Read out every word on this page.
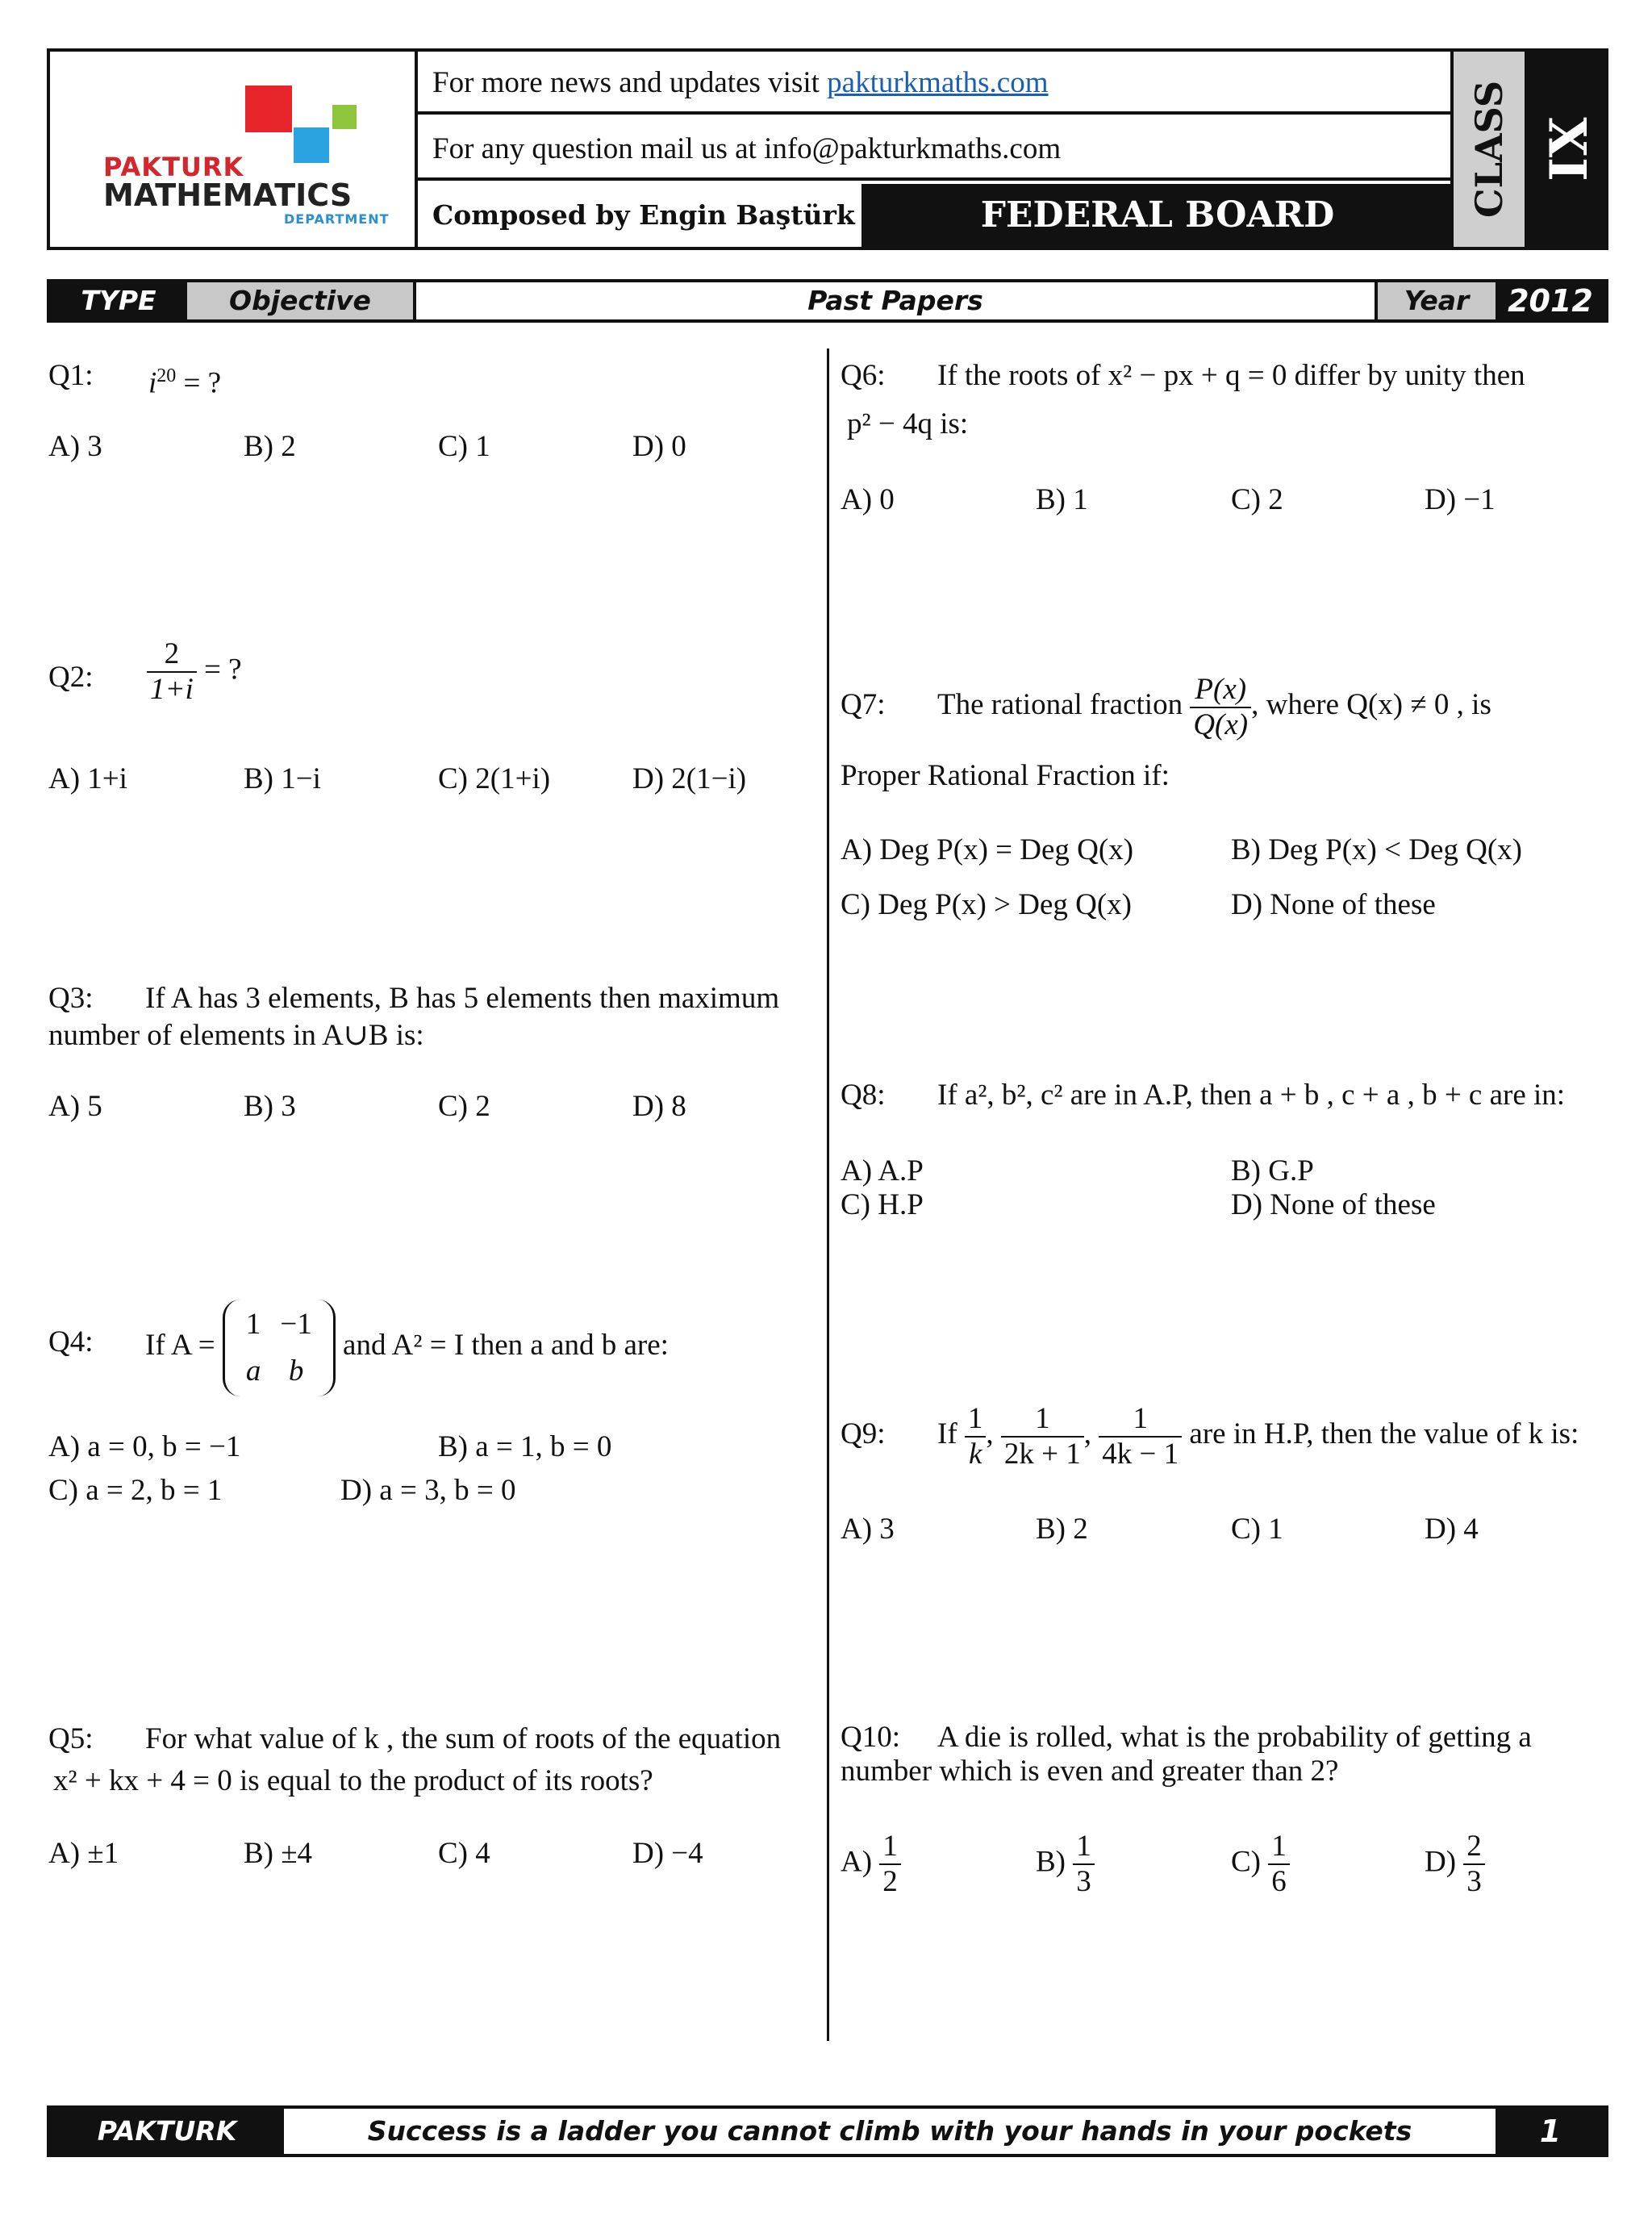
PAKTURK
MATHEMATICS
DEPARTMENT
For more news and updates visit pakturkmaths.com
For any question mail us at info@pakturkmaths.com
Composed by Engin Baştürk	FEDERAL BOARD	CLASS XI
TYPE	Objective	Past Papers	Year	2012
Q1: $i^{20}$ = ?
A) 3	B) 2	C) 1	D) 0
Q2: $\frac{2}{1+i}$ = ?
A) 1+i	B) 1−i	C) 2(1+i)	D) 2(1−i)
Q3: If A has 3 elements, B has 5 elements then maximum
number of elements in A∪B is:
A) 5	B) 3	C) 2	D) 8
Q4: If A =
1	−1
a	b
and A² = I then a and b are:
A) a = 0, b = −1	B) a = 1, b = 0
C) a = 2, b = 1	D) a = 3, b = 0
Q5: For what value of k , the sum of roots of the equation
x² + kx + 4 = 0 is equal to the product of its roots?
A) ±1	B) ±4	C) 4	D) −4
Q6: If the roots of x² − px + q = 0 differ by unity then
p² − 4q is:
A) 0	B) 1	C) 2	D) −1
Q7: The rational fraction $\frac{P(x)}{Q(x)}$ , where Q(x) ≠ 0 , is
Proper Rational Fraction if:
A) Deg P(x) = Deg Q(x)	B) Deg P(x) < Deg Q(x)
C) Deg P(x) > Deg Q(x)	D) None of these
Q8: If a², b², c² are in A.P, then a + b , c + a , b + c are in:
A) A.P	B) G.P
C) H.P	D) None of these
Q9: If $\frac{1}{k}$ , $\frac{1}{2k + 1}$ , $\frac{1}{4k - 1}$ are in H.P, then the value of k is:
A) 3	B) 2	C) 1	D) 4
Q10: A die is rolled, what is the probability of getting a
number which is even and greater than 2?
$A) \frac{1}{2}$	$B) \frac{1}{3}$	$C) \frac{1}{6}$	$D) \frac{2}{3}$
PAKTURK	Success is a ladder you cannot climb with your hands in your pockets	1
